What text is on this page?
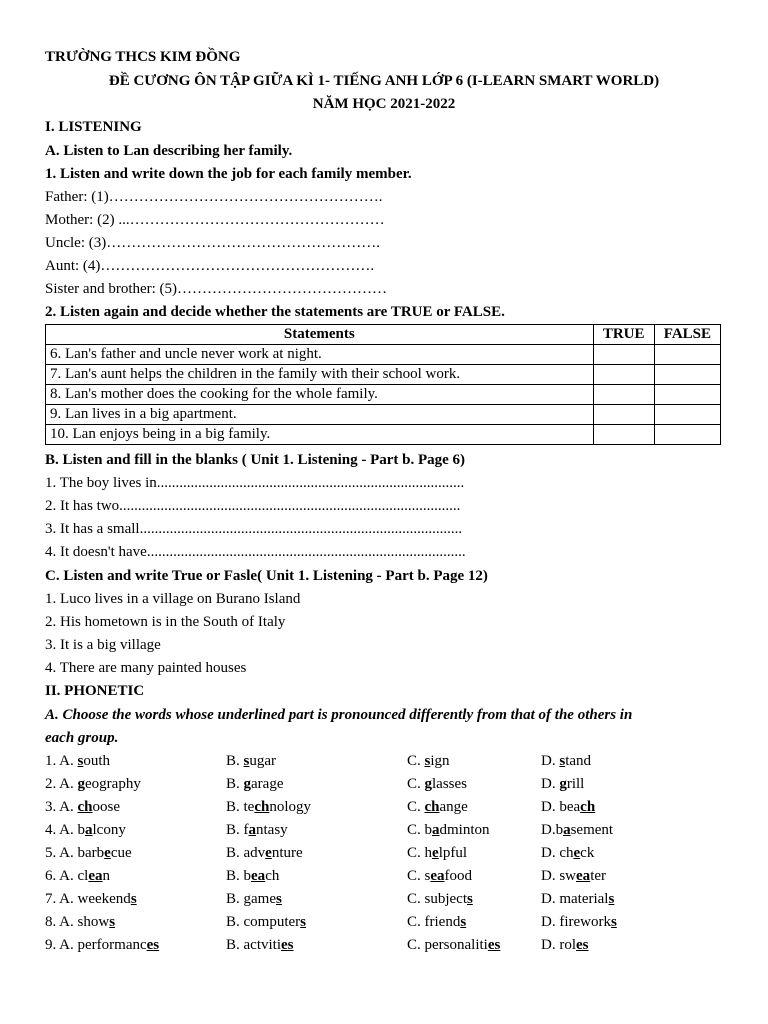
TRƯỜNG THCS KIM ĐỒNG
ĐỀ CƯƠNG ÔN TẬP GIỮA KÌ 1- TIẾNG ANH LỚP 6 (I-LEARN SMART WORLD)
NĂM HỌC 2021-2022
I. LISTENING
A. Listen to Lan describing her family.
1. Listen and write down the job for each family member.
Father: (1)……………………………………………….
Mother: (2) ...……………………………………………
Uncle: (3)……………………………………………….
Aunt: (4)……………………………………………….
Sister and brother: (5)……………………………………
2. Listen again and decide whether the statements are TRUE or FALSE.
Statements	TRUE	FALSE
6. Lan's father and uncle never work at night.		
7. Lan's aunt helps the children in the family with their school work.		
8. Lan's mother does the cooking for the whole family.		
9. Lan lives in a big apartment.		
10. Lan enjoys being in a big family.		
B. Listen and fill in the blanks ( Unit 1. Listening - Part b. Page 6)
1. The boy lives in..................................................................................
2. It has two...........................................................................................
3. It has a small......................................................................................
4. It doesn't have.....................................................................................
C. Listen and write True or Fasle( Unit 1. Listening - Part b. Page 12)
1. Luco lives in a village on Burano Island
2. His hometown is in the South of Italy
3. It is a big village
4. There are many painted houses
II. PHONETIC
A. Choose the words whose underlined part is pronounced differently from that of the others in
each group.
1. A. south	B. sugar	C. sign	D. stand
2. A. geography	B. garage	C. glasses	D. grill
3. A. choose	B. technology	C. change	D. beach
4. A. balcony	B. fantasy	C. badminton	D.basement
5. A. barbecue	B. adventure	C. helpful	D. check
6. A. clean	B. beach	C. seafood	D. sweater
7. A. weekends	B. games	C. subjects	D. materials
8. A. shows	B. computers	C. friends	D. fireworks
9. A. performances	B. actvities	C. personalities	D. roles
